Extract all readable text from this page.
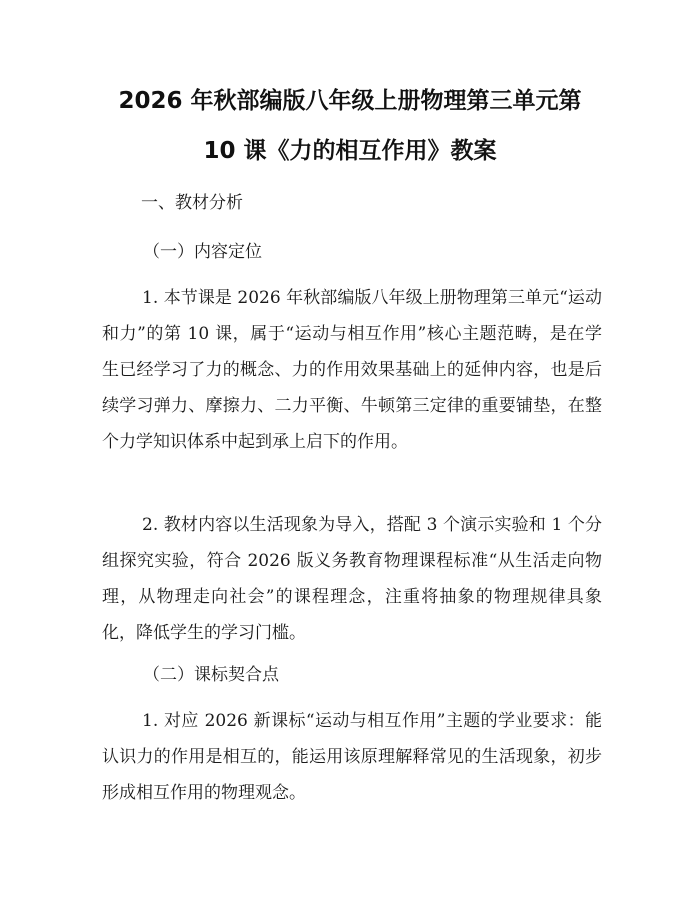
2026 年秋部编版八年级上册物理第三单元第
10 课《力的相互作用》教案
一、教材分析
（一）内容定位

1. 本节课是 2026 年秋部编版八年级上册物理第三单元“运动和力”的第 10 课，属于“运动与相互作用”核心主题范畴，是在学生已经学习了力的概念、力的作用效果基础上的延伸内容，也是后续学习弹力、摩擦力、二力平衡、牛顿第三定律的重要铺垫，在整个力学知识体系中起到承上启下的作用。

2. 教材内容以生活现象为导入，搭配 3 个演示实验和 1 个分组探究实验，符合 2026 版义务教育物理课程标准“从生活走向物理，从物理走向社会”的课程理念，注重将抽象的物理规律具象化，降低学生的学习门槛。

（二）课标契合点

1. 对应 2026 新课标“运动与相互作用”主题的学业要求：能认识力的作用是相互的，能运用该原理解释常见的生活现象，初步形成相互作用的物理观念。
